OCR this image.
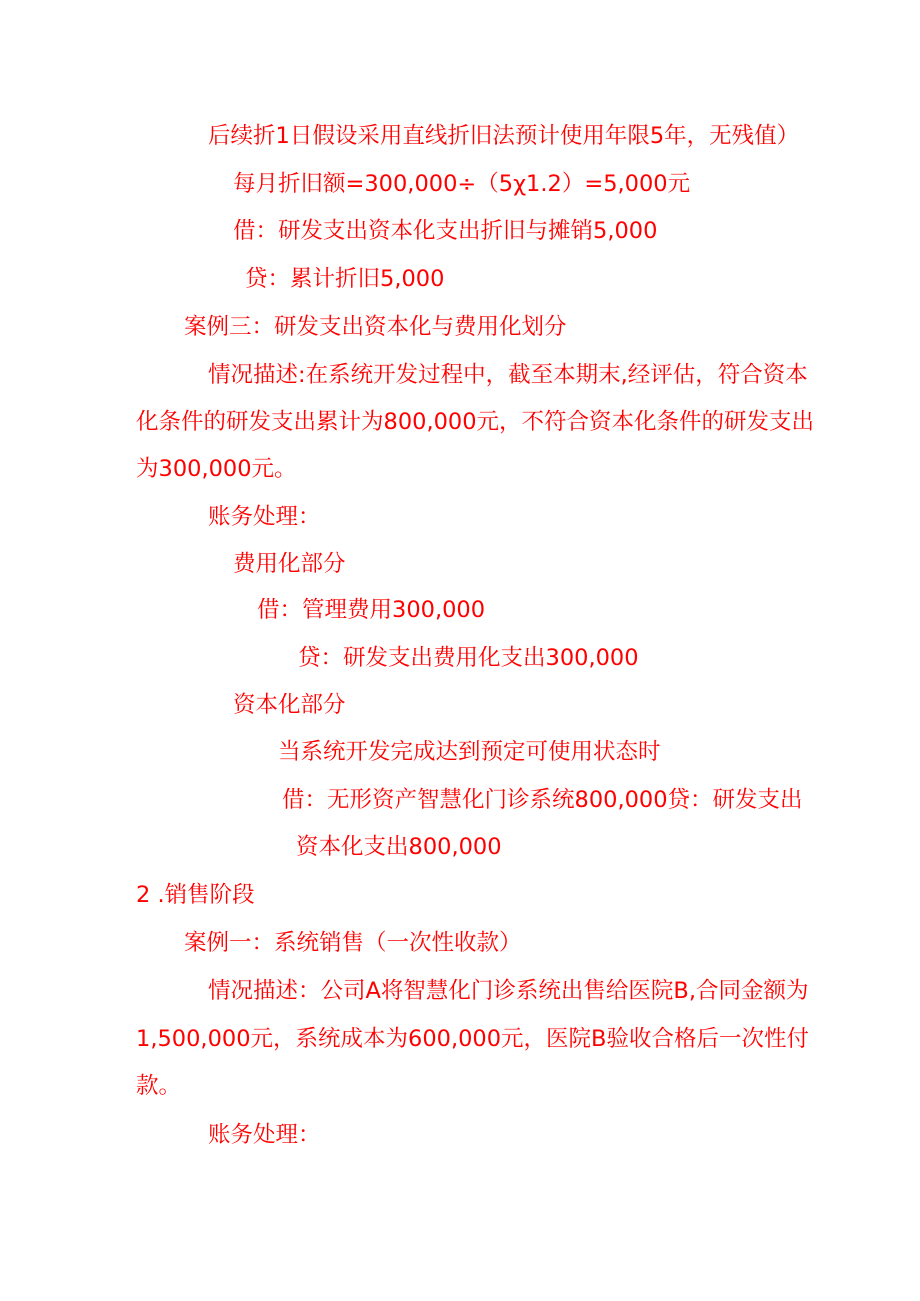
后续折1日假设采用直线折旧法预计使用年限5年，无残值）
每月折旧额=300,000÷（5χ1.2）=5,000元
借：研发支出资本化支出折旧与摊销5,000
贷：累计折旧5,000
案例三：研发支出资本化与费用化划分
情况描述:在系统开发过程中，截至本期末,经评估，符合资本
化条件的研发支出累计为800,000元，不符合资本化条件的研发支出
为300,000元。
账务处理：
费用化部分
借：管理费用300,000
贷：研发支出费用化支出300,000
资本化部分
当系统开发完成达到预定可使用状态时
借：无形资产智慧化门诊系统800,000贷：研发支出
资本化支出800,000
2 .销售阶段
案例一：系统销售（一次性收款）
情况描述：公司A将智慧化门诊系统出售给医院B,合同金额为
1,500,000元，系统成本为600,000元，医院B验收合格后一次性付
款。
账务处理：
